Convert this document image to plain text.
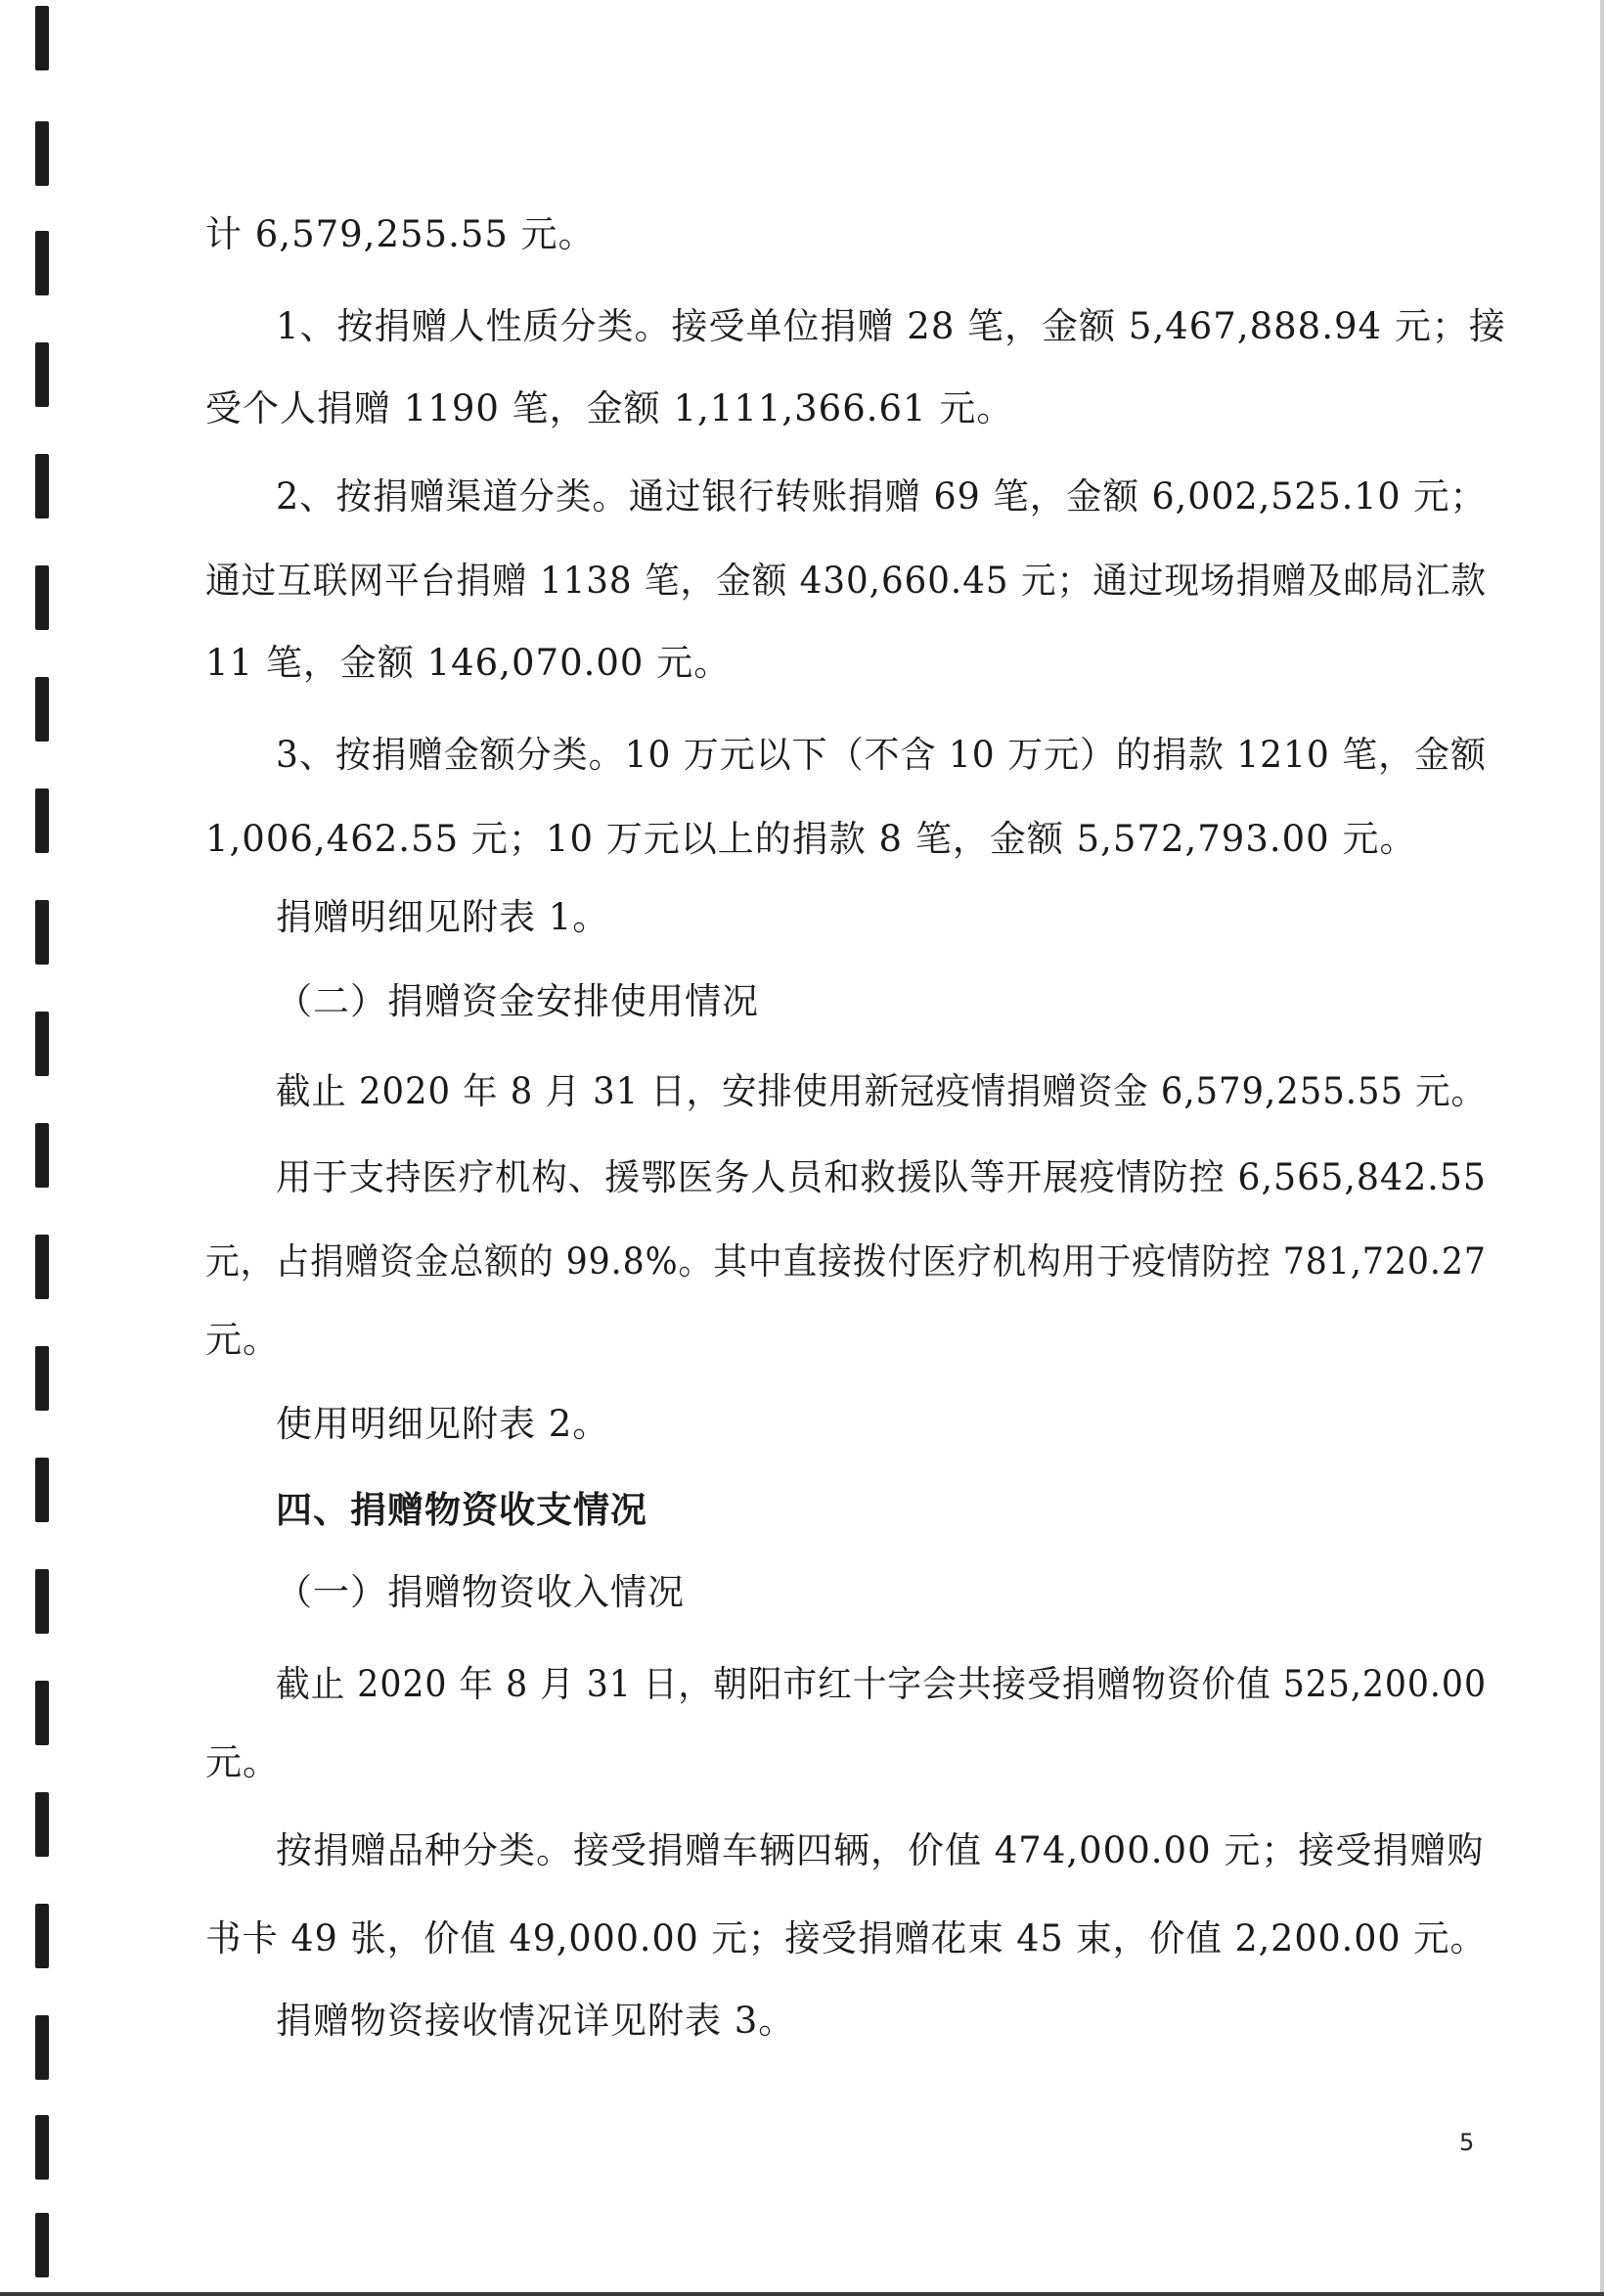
计 6,579,255.55 元。
1、按捐赠人性质分类。接受单位捐赠 28 笔，金额 5,467,888.94 元；接
受个人捐赠 1190 笔，金额 1,111,366.61 元。
2、按捐赠渠道分类。通过银行转账捐赠 69 笔，金额 6,002,525.10 元；
通过互联网平台捐赠 1138 笔，金额 430,660.45 元；通过现场捐赠及邮局汇款
11 笔，金额 146,070.00 元。
3、按捐赠金额分类。10 万元以下（不含 10 万元）的捐款 1210 笔，金额
1,006,462.55 元；10 万元以上的捐款 8 笔，金额 5,572,793.00 元。
捐赠明细见附表 1。
（二）捐赠资金安排使用情况
截止 2020 年 8 月 31 日，安排使用新冠疫情捐赠资金 6,579,255.55 元。
用于支持医疗机构、援鄂医务人员和救援队等开展疫情防控 6,565,842.55
元，占捐赠资金总额的 99.8%。其中直接拨付医疗机构用于疫情防控 781,720.27
元。
使用明细见附表 2。
四、捐赠物资收支情况
（一）捐赠物资收入情况
截止 2020 年 8 月 31 日，朝阳市红十字会共接受捐赠物资价值 525,200.00
元。
按捐赠品种分类。接受捐赠车辆四辆，价值 474,000.00 元；接受捐赠购
书卡 49 张，价值 49,000.00 元；接受捐赠花束 45 束，价值 2,200.00 元。
捐赠物资接收情况详见附表 3。
5
